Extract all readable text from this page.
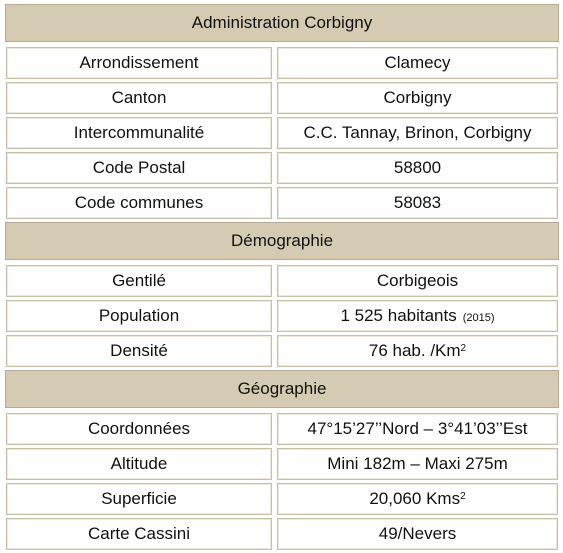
Administration Corbigny
Arrondissement	Clamecy
Canton	Corbigny
Intercommunalité	C.C. Tannay, Brinon, Corbigny
Code Postal	58800
Code communes	58083
Démographie
Gentilé	Corbigeois
Population	1 525 habitants (2015)
Densité	76 hab. /Km$^2$
Géographie
Coordonnées	47°15’27’’Nord – 3°41’03’’Est
Altitude	Mini 182m – Maxi 275m
Superficie	20,060 Kms$^2$
Carte Cassini	49/Nevers
